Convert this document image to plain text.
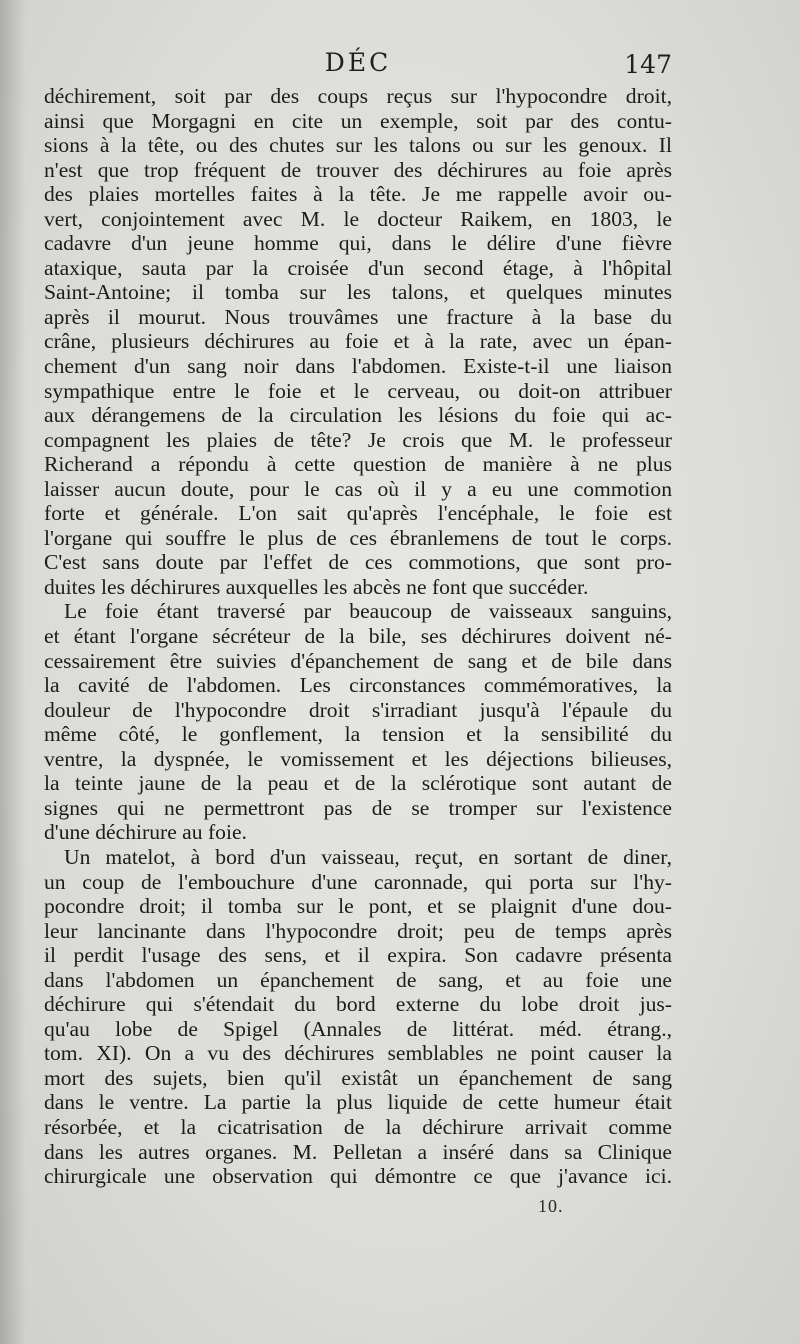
DÉC	147

déchirement, soit par des coups reçus sur l'hypocondre droit,
ainsi que Morgagni en cite un exemple, soit par des contu-
sions à la tête, ou des chutes sur les talons ou sur les genoux. Il
n'est que trop fréquent de trouver des déchirures au foie après
des plaies mortelles faites à la tête. Je me rappelle avoir ou-
vert, conjointement avec M. le docteur Raikem, en 1803, le
cadavre d'un jeune homme qui, dans le délire d'une fièvre
ataxique, sauta par la croisée d'un second étage, à l'hôpital
Saint-Antoine; il tomba sur les talons, et quelques minutes
après il mourut. Nous trouvâmes une fracture à la base du
crâne, plusieurs déchirures au foie et à la rate, avec un épan-
chement d'un sang noir dans l'abdomen. Existe-t-il une liaison
sympathique entre le foie et le cerveau, ou doit-on attribuer
aux dérangemens de la circulation les lésions du foie qui ac-
compagnent les plaies de tête? Je crois que M. le professeur
Richerand a répondu à cette question de manière à ne plus
laisser aucun doute, pour le cas où il y a eu une commotion
forte et générale. L'on sait qu'après l'encéphale, le foie est
l'organe qui souffre le plus de ces ébranlemens de tout le corps.
C'est sans doute par l'effet de ces commotions, que sont pro-
duites les déchirures auxquelles les abcès ne font que succéder.

Le foie étant traversé par beaucoup de vaisseaux sanguins,
et étant l'organe sécréteur de la bile, ses déchirures doivent né-
cessairement être suivies d'épanchement de sang et de bile dans
la cavité de l'abdomen. Les circonstances commémoratives, la
douleur de l'hypocondre droit s'irradiant jusqu'à l'épaule du
même côté, le gonflement, la tension et la sensibilité du
ventre, la dyspnée, le vomissement et les déjections bilieuses,
la teinte jaune de la peau et de la sclérotique sont autant de
signes qui ne permettront pas de se tromper sur l'existence
d'une déchirure au foie.

Un matelot, à bord d'un vaisseau, reçut, en sortant de diner,
un coup de l'embouchure d'une caronnade, qui porta sur l'hy-
pocondre droit; il tomba sur le pont, et se plaignit d'une dou-
leur lancinante dans l'hypocondre droit; peu de temps après
il perdit l'usage des sens, et il expira. Son cadavre présenta
dans l'abdomen un épanchement de sang, et au foie une
déchirure qui s'étendait du bord externe du lobe droit jus-
qu'au lobe de Spigel (Annales de littérat. méd. étrang.,
tom. XI). On a vu des déchirures semblables ne point causer la
mort des sujets, bien qu'il existât un épanchement de sang
dans le ventre. La partie la plus liquide de cette humeur était
résorbée, et la cicatrisation de la déchirure arrivait comme
dans les autres organes. M. Pelletan a inséré dans sa Clinique
chirurgicale une observation qui démontre ce que j'avance ici.

10.
